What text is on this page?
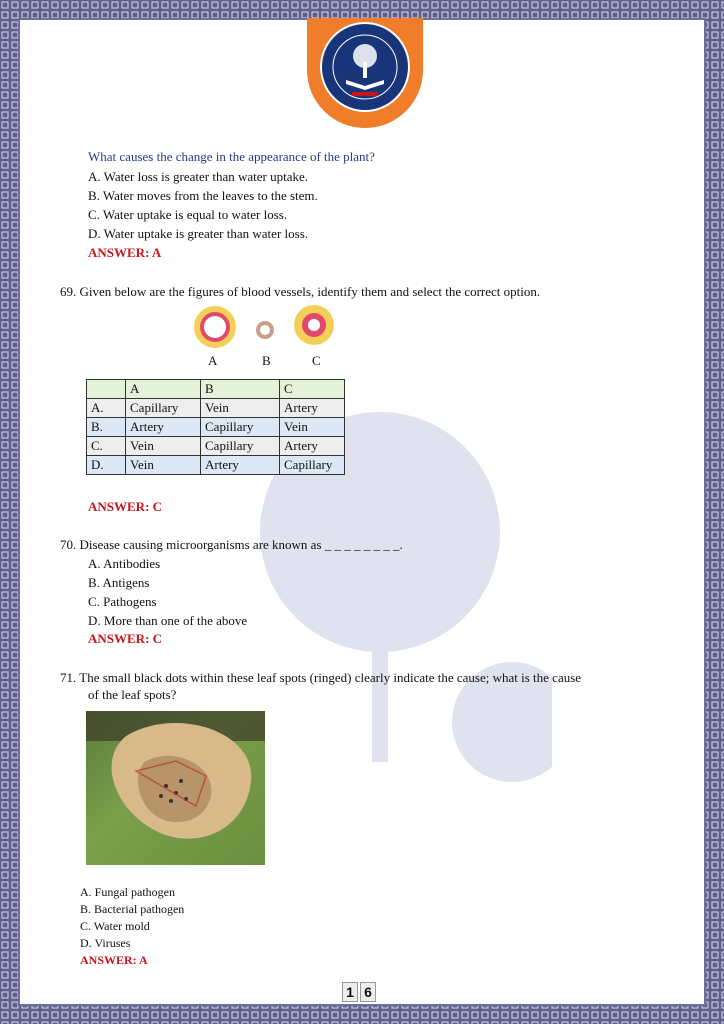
What causes the change in the appearance of the plant?
A. Water loss is greater than water uptake.
B. Water moves from the leaves to the stem.
C. Water uptake is equal to water loss.
D. Water uptake is greater than water loss.
ANSWER: A
69. Given below are the figures of blood vessels, identify them and select the correct option.
A	B	C
	A	B	C
A.	Capillary	Vein	Artery
B.	Artery	Capillary	Vein
C.	Vein	Capillary	Artery
D.	Vein	Artery	Capillary
ANSWER: C
70. Disease causing microorganisms are known as _ _ _ _ _ _ _ _.
A. Antibodies
B. Antigens
C. Pathogens
D. More than one of the above
ANSWER: C
71. The small black dots within these leaf spots (ringed) clearly indicate the cause; what is the cause
of the leaf spots?
A. Fungal pathogen
B. Bacterial pathogen
C. Water mold
D. Viruses
ANSWER: A
1 6
